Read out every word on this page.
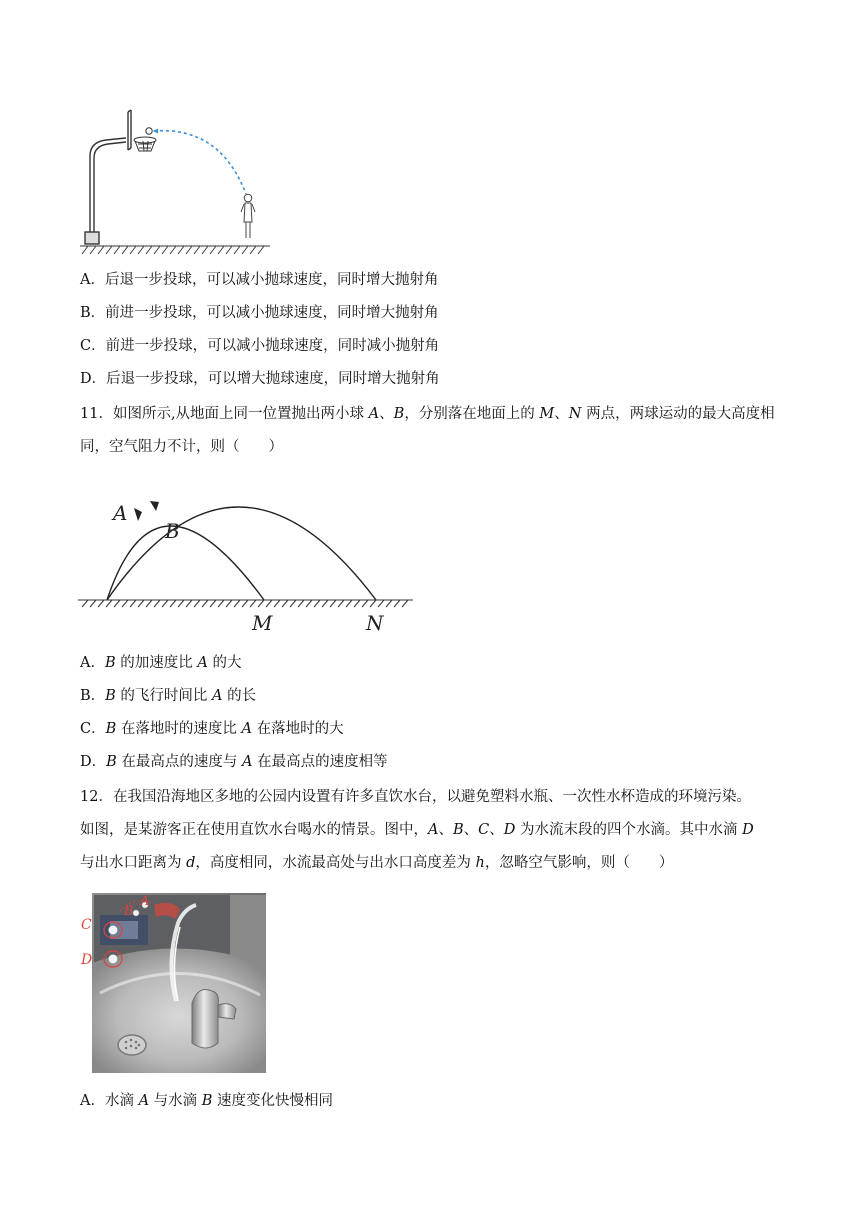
A．后退一步投球，可以减小抛球速度，同时增大抛射角
B．前进一步投球，可以减小抛球速度，同时增大抛射角
C．前进一步投球，可以减小抛球速度，同时减小抛射角
D．后退一步投球，可以增大抛球速度，同时增大抛射角
11．如图所示,从地面上同一位置抛出两小球 A、B，分别落在地面上的 M、N 两点，两球运动的最大高度相
同，空气阻力不计，则（　　）
A
B
M	N
A．B 的加速度比 A 的大
B．B 的飞行时间比 A 的长
C．B 在落地时的速度比 A 在落地时的大
D．B 在最高点的速度与 A 在最高点的速度相等
12．在我国沿海地区多地的公园内设置有许多直饮水台，以避免塑料水瓶、一次性水杯造成的环境污染。
如图，是某游客正在使用直饮水台喝水的情景。图中，A、B、C、D 为水流末段的四个水滴。其中水滴 D
与出水口距离为 d，高度相同，水流最高处与出水口高度差为 h，忽略空气影响，则（　　）
A
B
C
D
A．水滴 A 与水滴 B 速度变化快慢相同
